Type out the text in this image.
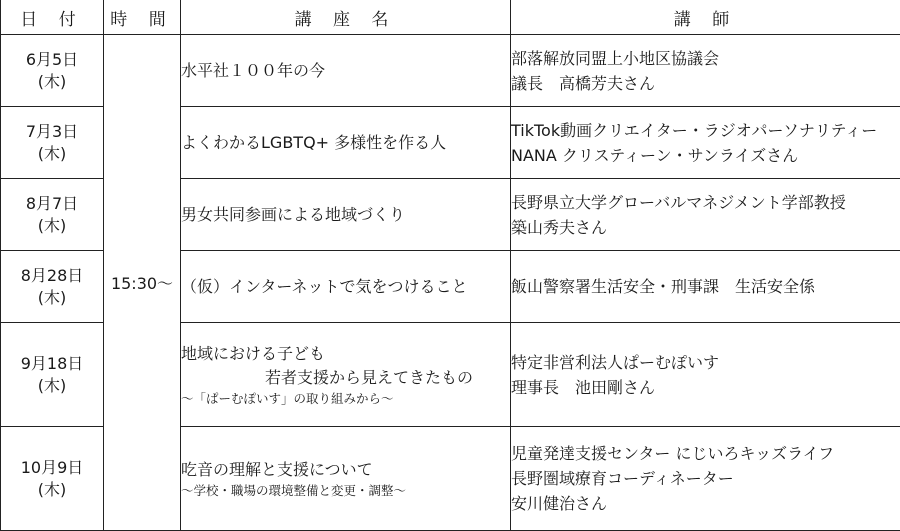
日 付	時 間	講 座 名	講 師

6月5日
(木)	15:30～	水平社１００年の今	部落解放同盟上小地区協議会
議長　高橋芳夫さん

7月3日
(木)		よくわかるLGBTQ+ 多様性を作る人	TikTok動画クリエイター・ラジオパーソナリティー
NANA クリスティーン・サンライズさん

8月7日
(木)		男女共同参画による地域づくり	長野県立大学グローバルマネジメント学部教授
築山秀夫さん

8月28日
(木)		（仮）インターネットで気をつけること	飯山警察署生活安全・刑事課　生活安全係

9月18日
(木)		地域における子ども
若者支援から見えてきたもの
～「ぱーむぽいす」の取り組みから～	特定非営利法人ぱーむぽいす
理事長　池田剛さん

10月9日
(木)		吃音の理解と支援について
～学校・職場の環境整備と変更・調整～	児童発達支援センター にじいろキッズライフ
長野圏域療育コーディネーター
安川健治さん
